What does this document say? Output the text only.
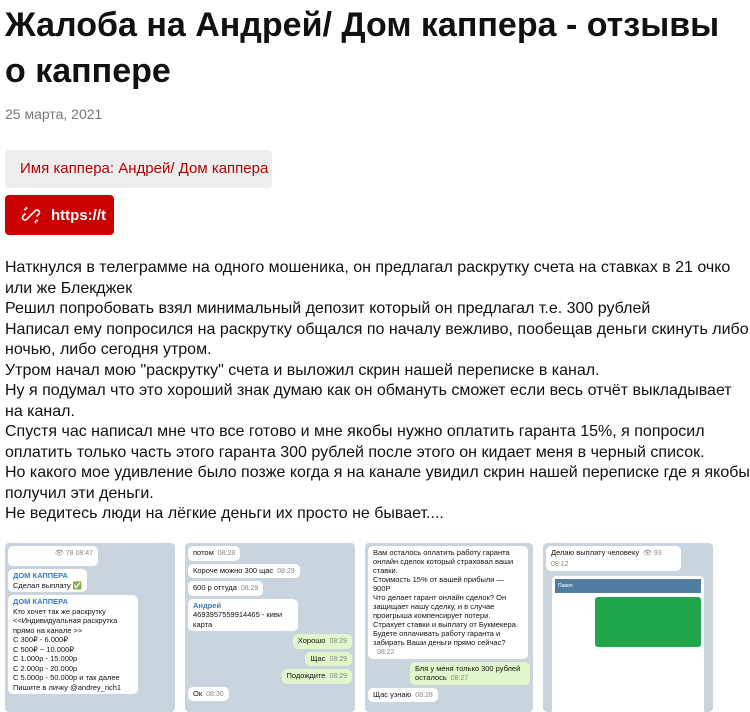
Жалоба на Андрей/ Дом каппера - отзывы о каппере
25 марта, 2021
Имя каппера: Андрей/ Дом каппера
https://t
Наткнулся в телеграмме на одного мошеника, он предлагал раскрутку счета на ставках в 21 очко или же Блекджек
Решил попробовать взял минимальный депозит который он предлагал т.е. 300 рублей
Написал ему попросился на раскрутку общался по началу вежливо, пообещав деньги скинуть либо ночью, либо сегодня утром.
Утром начал мою "раскрутку" счета и выложил скрин нашей переписке в канал.
Ну я подумал что это хороший знак думаю как он обмануть сможет если весь отчёт выкладывает на канал.
Спустя час написал мне что все готово и мне якобы нужно оплатить гаранта 15%, я попросил оплатить только часть этого гаранта 300 рублей после этого он кидает меня в черный список.
Но какого мое удивление было позже когда я на канале увидил скрин нашей переписке где я якобы получил эти деньги.
Не ведитесь люди на лёгкие деньги их просто не бывает....
👁 78 08:47
ДОМ КАППЕРА
Сделал выплату ✅
ДОМ КАППЕРА
Кто хочет так же раскрутку
<<Индивидуальная раскрутка прямо на канале >>
С 300₽ - 6.000₽
С 500₽ ~ 10.000₽
С 1.000р - 15.000р
С 2.000р - 20.000р
С 5.000р - 50.000р и так далее
Пишите в личку @andrey_rich1
потом 08:28
Короче можно 300 щас 08:29
600 р оттуда 08:29
Андрей
4693957559914465 - киви карта
Хорошо 08:29
Щас 08:29
Подождите 08:29
Ок 08:30
Вам осталось оплатить работу гаранта онлайн сделок который страховал ваши ставки.
Стоимость 15% от вашей прибыли — 900Р
Что делает гарант онлайн сделок? Он защищает нашу сделку, и в случае проигрыша компенсирует потери. Страхует ставки и выплату от Букмекера. Будете оплачивать работу гаранта и забирать Ваши деньги прямо сейчас?
08:22
Бля у меня только 300 рублей осталось 08:27
Щас узнаю 08:28
Делаю выплату человеку 👁 93 08:12
Павел
